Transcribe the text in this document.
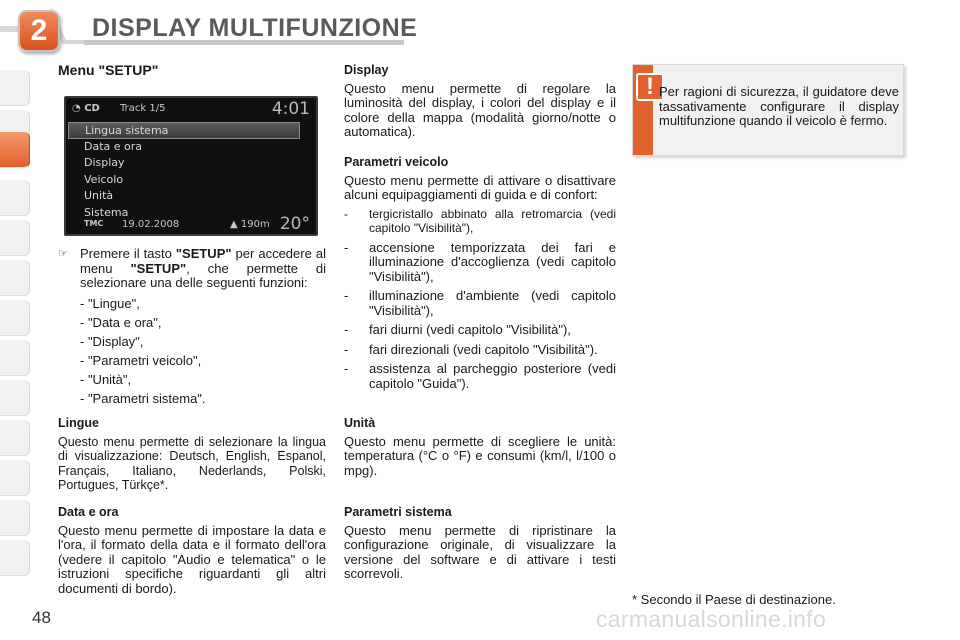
2	DISPLAY MULTIFUNZIONE
Menu "SETUP"
◔ CD Track 1/5	4:01
Lingua sistema
Data e ora
Display
Veicolo
Unità
Sistema
TMC 19.02.2008	▲ 190m 20°
☞ Premere il tasto "SETUP" per accedere al menu "SETUP", che permette di selezionare una delle seguenti funzioni:

- "Lingue",
- "Data e ora",
- "Display",
- "Parametri veicolo",
- "Unità",
- "Parametri sistema".
Lingue

Questo menu permette di selezionare la lingua di visualizzazione: Deutsch, English, Espanol, Français, Italiano, Nederlands, Polski, Portugues, Türkçe*.

Data e ora

Questo menu permette di impostare la data e l'ora, il formato della data e il formato dell'ora (vedere il capitolo "Audio e telematica" o le istruzioni specifiche riguardanti gli altri documenti di bordo).

Display

Questo menu permette di regolare la luminosità del display, i colori del display e il colore della mappa (modalità giorno/notte o automatica).

Parametri veicolo

Questo menu permette di attivare o disattivare alcuni equipaggiamenti di guida e di confort:

- tergicristallo abbinato alla retromarcia (vedi capitolo "Visibilità"),
- accensione temporizzata dei fari e illuminazione d'accoglienza (vedi capitolo "Visibilità"),
- illuminazione d'ambiente (vedi capitolo "Visibilità"),
- fari diurni (vedi capitolo "Visibilità"),
- fari direzionali (vedi capitolo "Visibilità").
- assistenza al parcheggio posteriore (vedi capitolo "Guida").
Unità

Questo menu permette di scegliere le unità: temperatura (°C o °F) e consumi (km/l, l/100 o mpg).

Parametri sistema

Questo menu permette di ripristinare la configurazione originale, di visualizzare la versione del software e di attivare i testi scorrevoli.

! Per ragioni di sicurezza, il guidatore deve tassativamente configurare il display multifunzione quando il veicolo è fermo.

* Secondo il Paese di destinazione.
48	carmanualsonline.info
